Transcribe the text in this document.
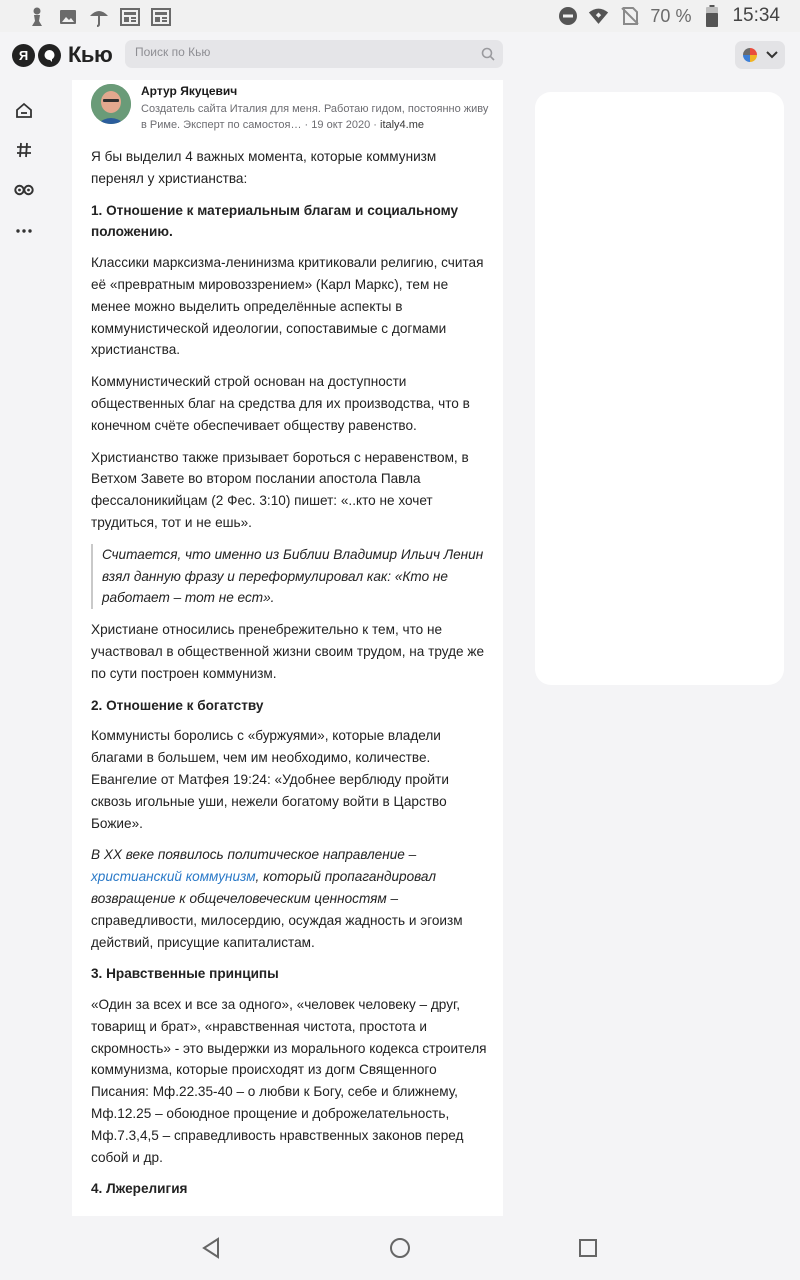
70 % 15:34
Я	Кью
Поиск по Кью
Артур Якуцевич
Создатель сайта Италия для меня. Работаю гидом, постоянно живу в Риме. Эксперт по самостоя… · 19 окт 2020 · italy4.me

Я бы выделил 4 важных момента, которые коммунизм перенял у христианства:

1. Отношение к материальным благам и социальному положению.

Классики марксизма-ленинизма критиковали религию, считая её «превратным мировоззрением» (Карл Маркс), тем не менее можно выделить определённые аспекты в коммунистической идеологии, сопоставимые с догмами христианства.

Коммунистический строй основан на доступности общественных благ на средства для их производства, что в конечном счёте обеспечивает обществу равенство.

Христианство также призывает бороться с неравенством, в Ветхом Завете во втором послании апостола Павла фессалоникийцам (2 Фес. 3:10) пишет: «..кто не хочет трудиться, тот и не ешь».

Считается, что именно из Библии Владимир Ильич Ленин взял данную фразу и переформулировал как: «Кто не работает – тот не ест».

Христиане относились пренебрежительно к тем, что не участвовал в общественной жизни своим трудом, на труде же по сути построен коммунизм.

2. Отношение к богатству

Коммунисты боролись с «буржуями», которые владели благами в большем, чем им необходимо, количестве. Евангелие от Матфея 19:24: «Удобнее верблюду пройти сквозь игольные уши, нежели богатому войти в Царство Божие».

В XX веке появилось политическое направление – христианский коммунизм, который пропагандировал возвращение к общечеловеческим ценностям – справедливости, милосердию, осуждая жадность и эгоизм действий, присущие капиталистам.

3. Нравственные принципы

«Один за всех и все за одного», «человек человеку – друг, товарищ и брат», «нравственная чистота, простота и скромность» - это выдержки из морального кодекса строителя коммунизма, которые происходят из догм Священного Писания: Мф.22.35-40 – о любви к Богу, себе и ближнему, Мф.12.25 – обоюдное прощение и доброжелательность, Мф.7.3,4,5 – справедливость нравственных законов перед собой и др.

4. Лжерелигия
